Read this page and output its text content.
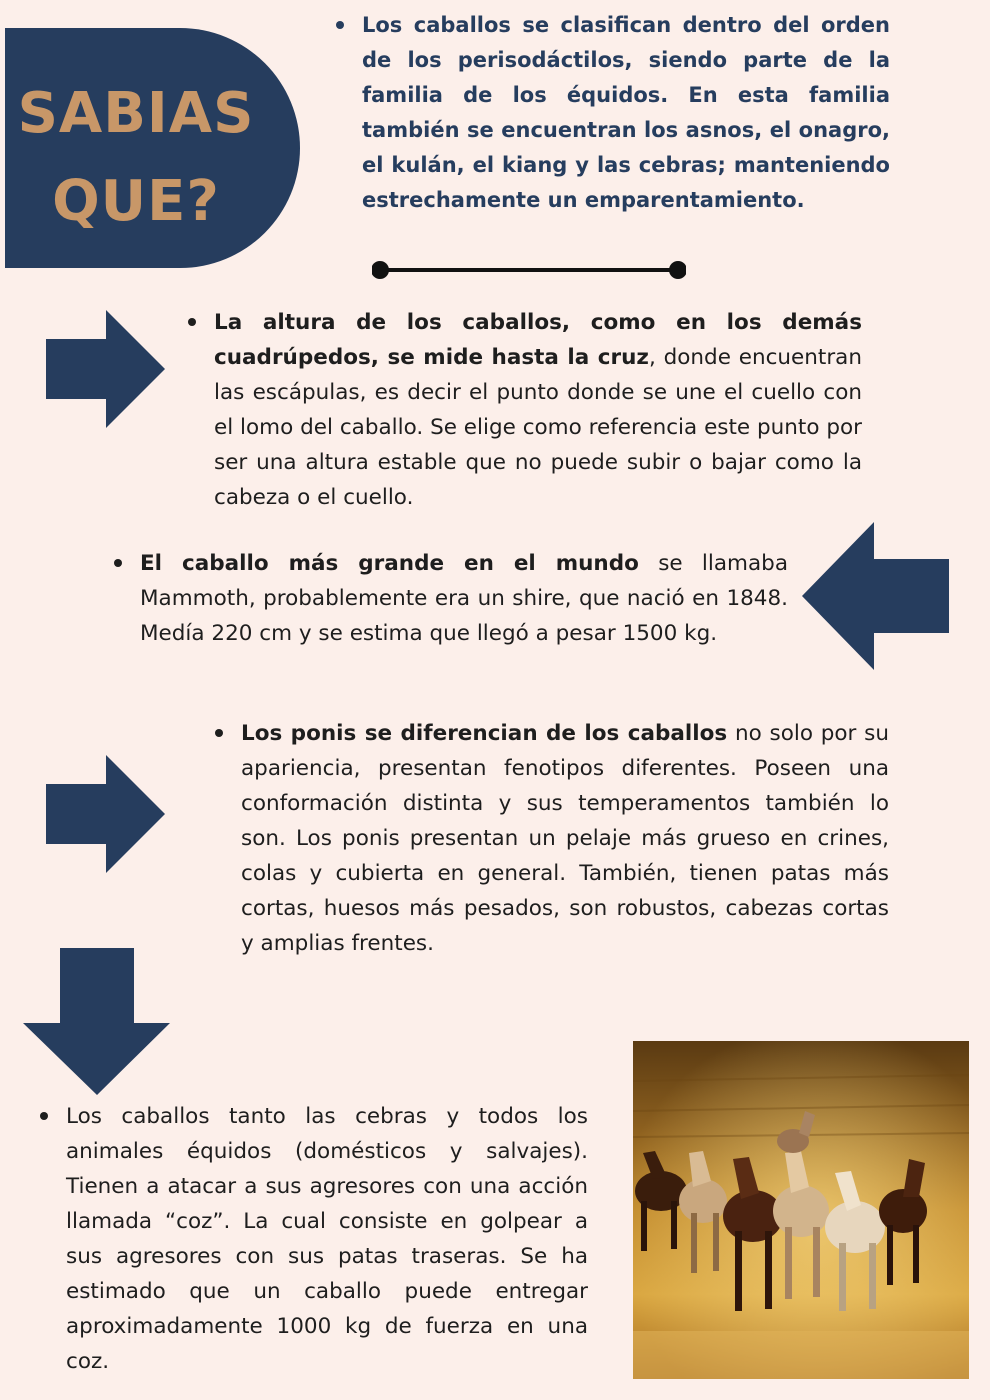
SABIAS
QUE?

Los caballos se clasifican dentro del orden de los perisodáctilos, siendo parte de la familia de los équidos. En esta familia también se encuentran los asnos, el onagro, el kulán, el kiang y las cebras; manteniendo estrechamente un emparentamiento.

La altura de los caballos, como en los demás cuadrúpedos, se mide hasta la cruz, donde encuentran las escápulas, es decir el punto donde se une el cuello con el lomo del caballo. Se elige como referencia este punto por ser una altura estable que no puede subir o bajar como la cabeza o el cuello.

El caballo más grande en el mundo se llamaba Mammoth, probablemente era un shire, que nació en 1848. Medía 220 cm y se estima que llegó a pesar 1500 kg.

Los ponis se diferencian de los caballos no solo por su apariencia, presentan fenotipos diferentes. Poseen una conformación distinta y sus temperamentos también lo son. Los ponis presentan un pelaje más grueso en crines, colas y cubierta en general. También, tienen patas más cortas, huesos más pesados, son robustos, cabezas cortas y amplias frentes.

Los caballos tanto las cebras y todos los animales équidos (domésticos y salvajes). Tienen a atacar a sus agresores con una acción llamada “coz”. La cual consiste en golpear a sus agresores con sus patas traseras. Se ha estimado que un caballo puede entregar aproximadamente 1000 kg de fuerza en una coz.
